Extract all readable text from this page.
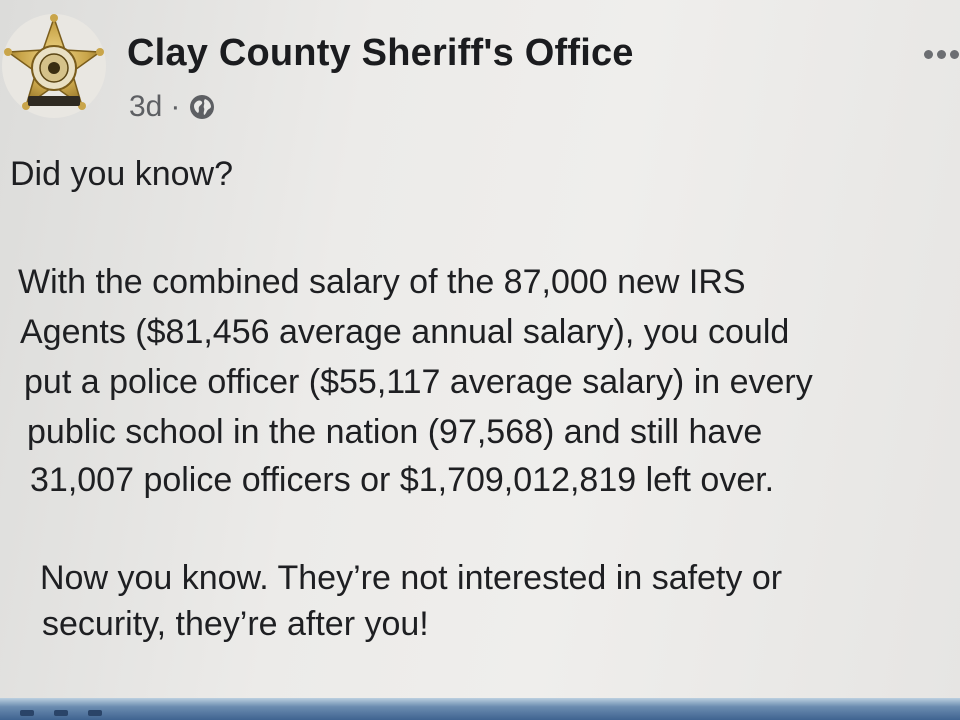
Clay County Sheriff's Office
3d ·
Did you know?
With the combined salary of the 87,000 new IRS
Agents ($81,456 average annual salary), you could
put a police officer ($55,117 average salary) in every
public school in the nation (97,568) and still have
31,007 police officers or $1,709,012,819 left over.
Now you know. They’re not interested in safety or
security, they’re after you!
